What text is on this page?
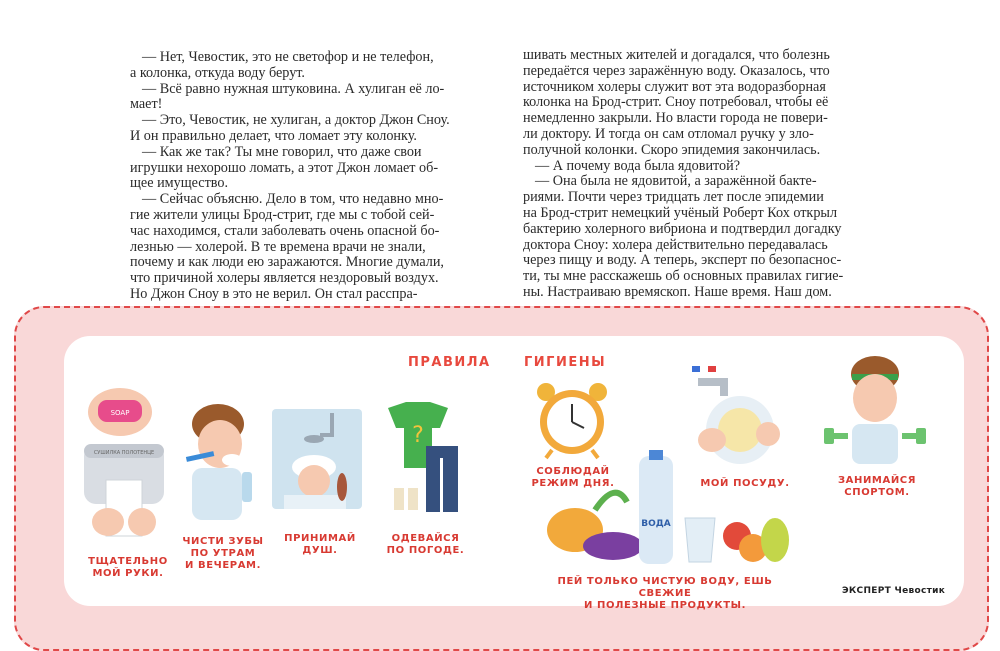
— Нет, Чевостик, это не светофор и не телефон,

а колонка, откуда воду берут.

— Всё равно нужная штуковина. А хулиган её ло-

мает!

— Это, Чевостик, не хулиган, а доктор Джон Сноу.

И он правильно делает, что ломает эту колонку.

— Как же так? Ты мне говорил, что даже свои

игрушки нехорошо ломать, а этот Джон ломает об-

щее имущество.

— Сейчас объясню. Дело в том, что недавно мно-

гие жители улицы Брод-стрит, где мы с тобой сей-

час находимся, стали заболевать очень опасной бо-

лезнью — холерой. В те времена врачи не знали,

почему и как люди ею заражаются. Многие думали,

что причиной холеры является нездоровый воздух.

Но Джон Сноу в это не верил. Он стал расспра-

шивать местных жителей и догадался, что болезнь

передаётся через заражённую воду. Оказалось, что

источником холеры служит вот эта водоразборная

колонка на Брод-стрит. Сноу потребовал, чтобы её

немедленно закрыли. Но власти города не повери-

ли доктору. И тогда он сам отломал ручку у зло-

получной колонки. Скоро эпидемия закончилась.

— А почему вода была ядовитой?

— Она была не ядовитой, а заражённой бакте-

риями. Почти через тридцать лет после эпидемии

на Брод-стрит немецкий учёный Роберт Кох открыл

бактерию холерного вибриона и подтвердил догадку

доктора Сноу: холера действительно передавалась

через пищу и воду. А теперь, эксперт по безопаснос-

ти, ты мне расскажешь об основных правилах гигие-

ны. Настраиваю времяскоп. Наше время. Наш дом.

ПРАВИЛА	ГИГИЕНЫ
SOAP
СУШИЛКА ПОЛОТЕНЦЕ
ТЩАТЕЛЬНО
МОЙ РУКИ.
ЧИСТИ ЗУБЫ
ПО УТРАМ
И ВЕЧЕРАМ.
ПРИНИМАЙ
ДУШ.
?
ОДЕВАЙСЯ
ПО ПОГОДЕ.
СОБЛЮДАЙ
РЕЖИМ ДНЯ.	МОЙ ПОСУДУ.	ЗАНИМАЙСЯ
СПОРТОМ.
ВОДА
ПЕЙ ТОЛЬКО ЧИСТУЮ ВОДУ, ЕШЬ СВЕЖИЕ
И ПОЛЕЗНЫЕ ПРОДУКТЫ.
ЭКСПЕРТ Чевостик
